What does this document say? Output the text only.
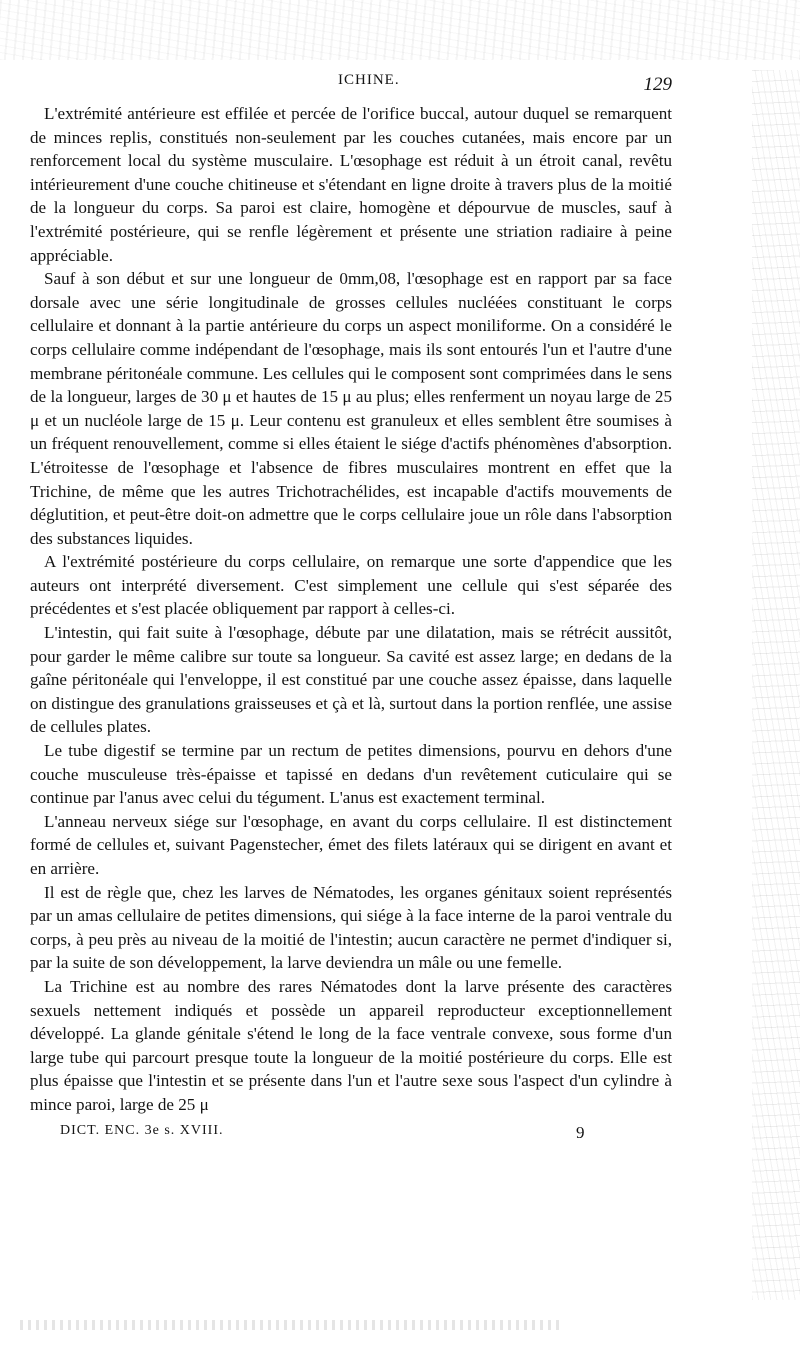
ICHINE.	129

L'extrémité antérieure est effilée et percée de l'orifice buccal, autour duquel se remarquent de minces replis, constitués non-seulement par les couches cutanées, mais encore par un renforcement local du système musculaire. L'œsophage est réduit à un étroit canal, revêtu intérieurement d'une couche chitineuse et s'étendant en ligne droite à travers plus de la moitié de la longueur du corps. Sa paroi est claire, homogène et dépourvue de muscles, sauf à l'extrémité postérieure, qui se renfle légèrement et présente une striation radiaire à peine appréciable.

Sauf à son début et sur une longueur de 0mm,08, l'œsophage est en rapport par sa face dorsale avec une série longitudinale de grosses cellules nucléées constituant le corps cellulaire et donnant à la partie antérieure du corps un aspect moniliforme. On a considéré le corps cellulaire comme indépendant de l'œsophage, mais ils sont entourés l'un et l'autre d'une membrane péritonéale commune. Les cellules qui le composent sont comprimées dans le sens de la longueur, larges de 30 μ et hautes de 15 μ au plus; elles renferment un noyau large de 25 μ et un nucléole large de 15 μ. Leur contenu est granuleux et elles semblent être soumises à un fréquent renouvellement, comme si elles étaient le siége d'actifs phénomènes d'absorption. L'étroitesse de l'œsophage et l'absence de fibres musculaires montrent en effet que la Trichine, de même que les autres Trichotrachélides, est incapable d'actifs mouvements de déglutition, et peut-être doit-on admettre que le corps cellulaire joue un rôle dans l'absorption des substances liquides.

A l'extrémité postérieure du corps cellulaire, on remarque une sorte d'appendice que les auteurs ont interprété diversement. C'est simplement une cellule qui s'est séparée des précédentes et s'est placée obliquement par rapport à celles-ci.

L'intestin, qui fait suite à l'œsophage, débute par une dilatation, mais se rétrécit aussitôt, pour garder le même calibre sur toute sa longueur. Sa cavité est assez large; en dedans de la gaîne péritonéale qui l'enveloppe, il est constitué par une couche assez épaisse, dans laquelle on distingue des granulations graisseuses et çà et là, surtout dans la portion renflée, une assise de cellules plates.

Le tube digestif se termine par un rectum de petites dimensions, pourvu en dehors d'une couche musculeuse très-épaisse et tapissé en dedans d'un revêtement cuticulaire qui se continue par l'anus avec celui du tégument. L'anus est exactement terminal.

L'anneau nerveux siége sur l'œsophage, en avant du corps cellulaire. Il est distinctement formé de cellules et, suivant Pagenstecher, émet des filets latéraux qui se dirigent en avant et en arrière.

Il est de règle que, chez les larves de Nématodes, les organes génitaux soient représentés par un amas cellulaire de petites dimensions, qui siége à la face interne de la paroi ventrale du corps, à peu près au niveau de la moitié de l'intestin; aucun caractère ne permet d'indiquer si, par la suite de son développement, la larve deviendra un mâle ou une femelle.

La Trichine est au nombre des rares Nématodes dont la larve présente des caractères sexuels nettement indiqués et possède un appareil reproducteur exceptionnellement développé. La glande génitale s'étend le long de la face ventrale convexe, sous forme d'un large tube qui parcourt presque toute la longueur de la moitié postérieure du corps. Elle est plus épaisse que l'intestin et se présente dans l'un et l'autre sexe sous l'aspect d'un cylindre à mince paroi, large de 25 μ

DICT. ENC. 3e s. XVIII.	9
